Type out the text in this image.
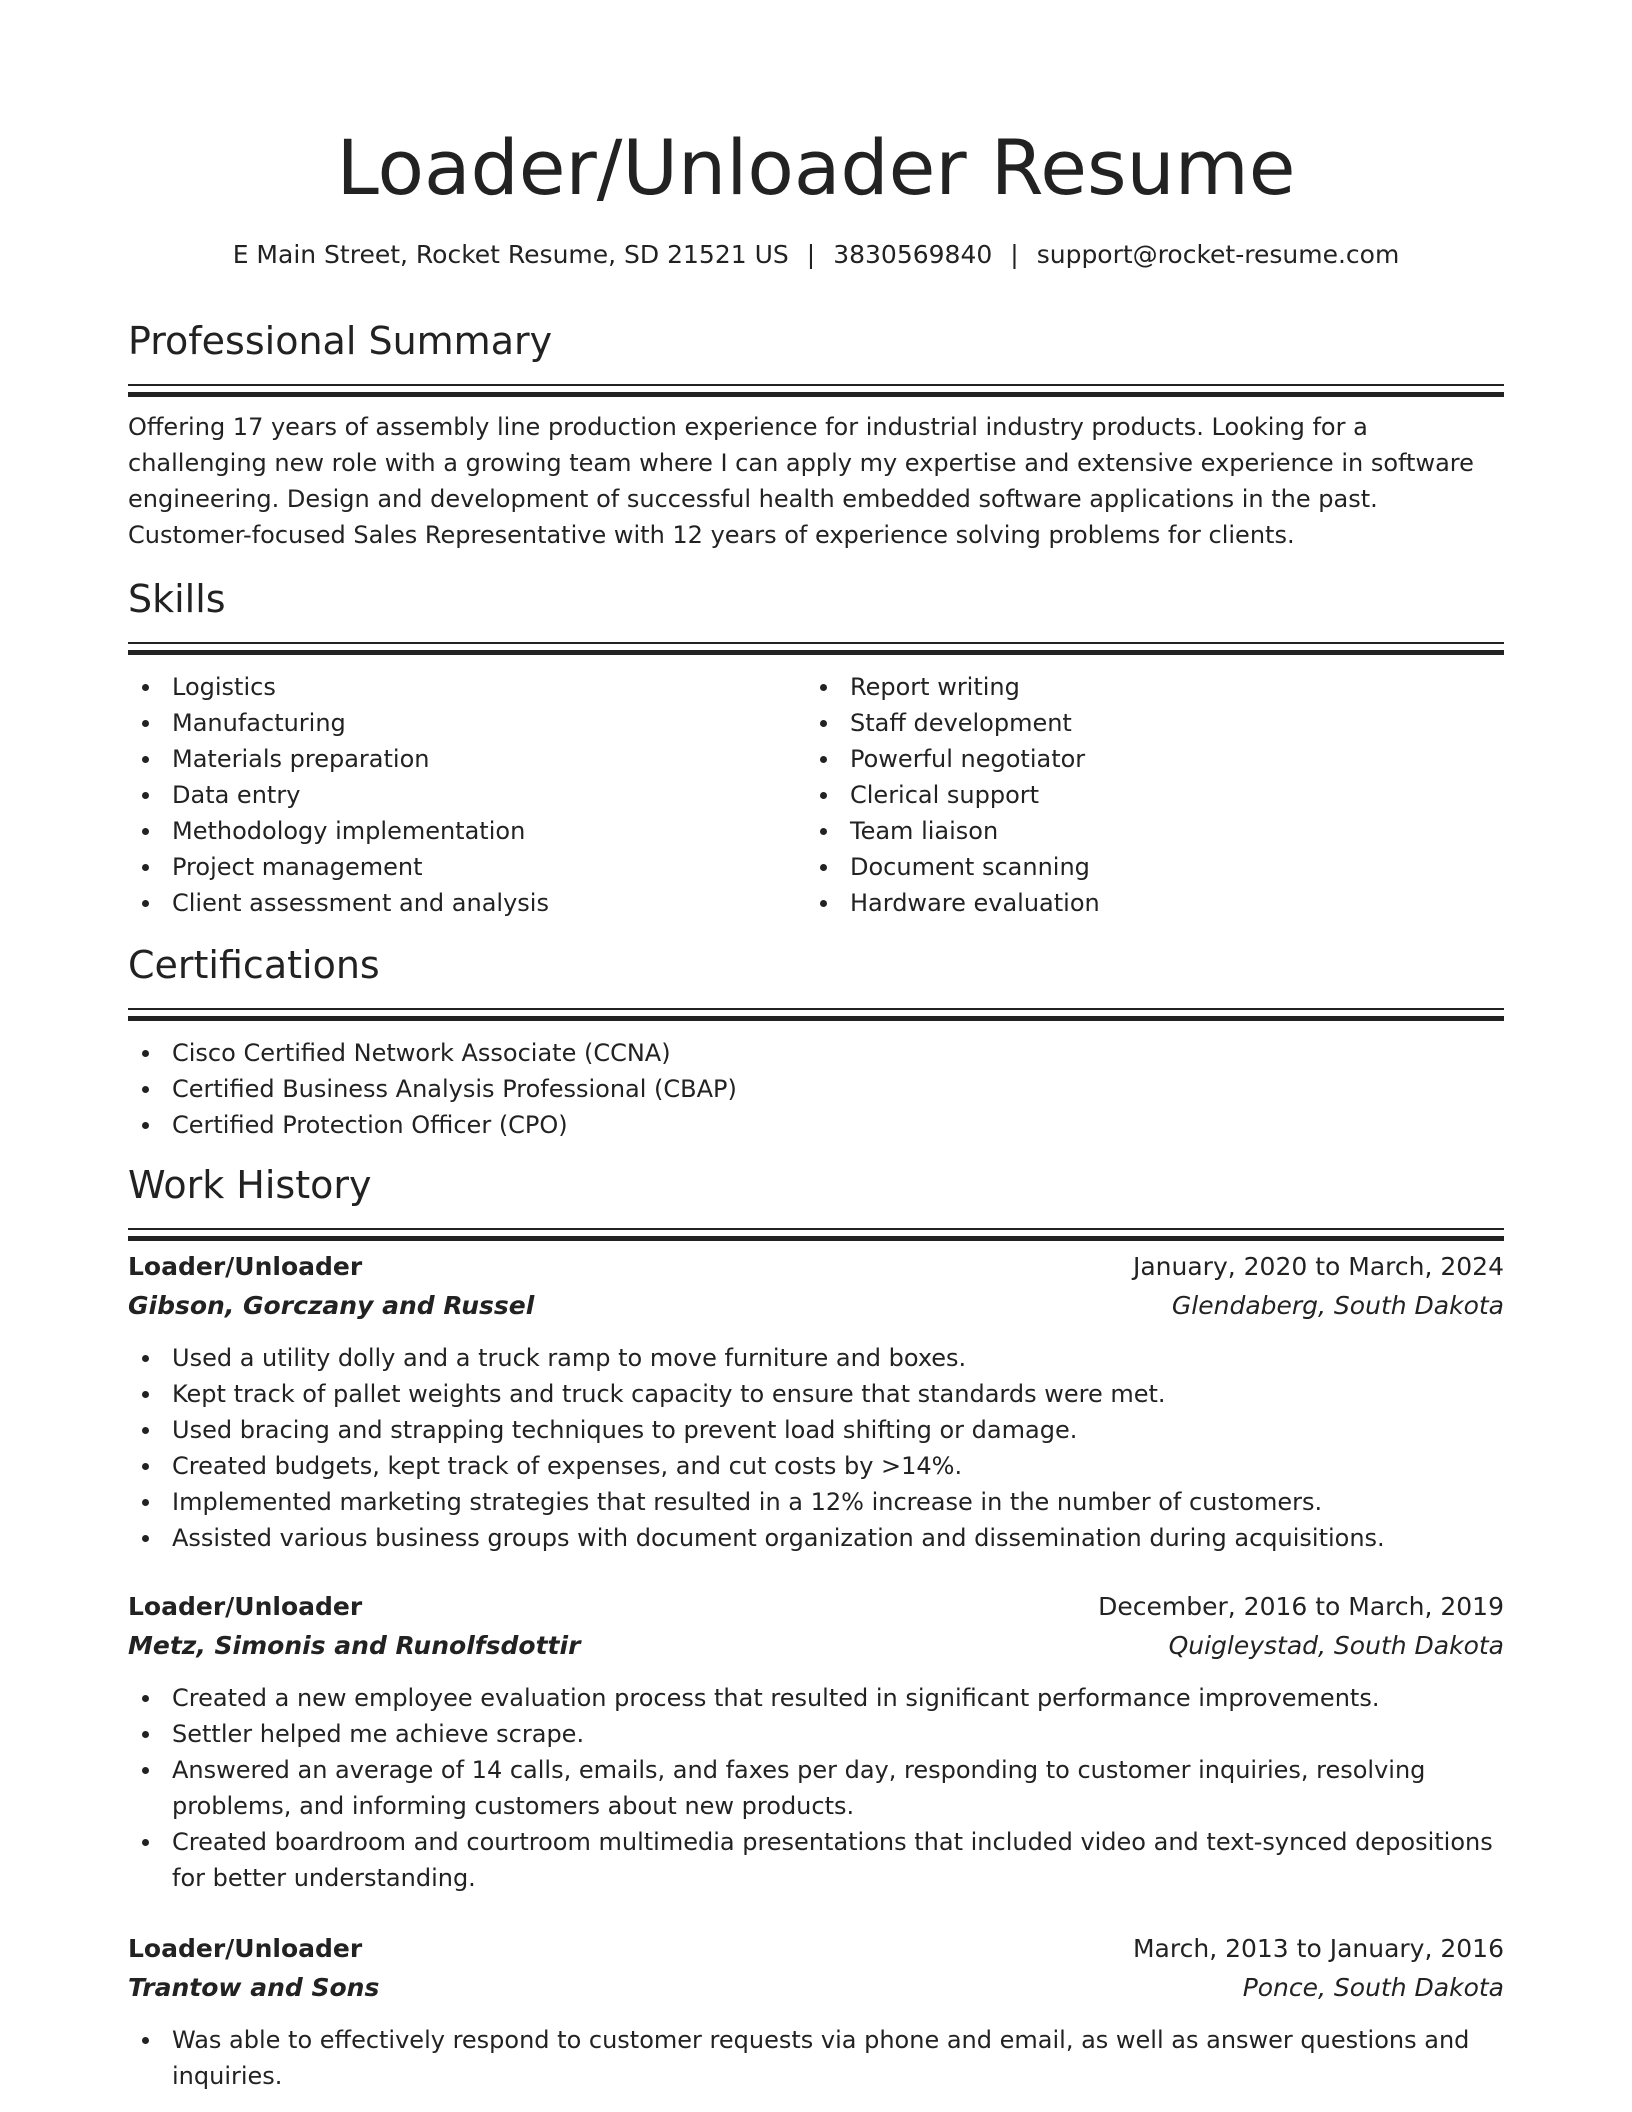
Loader/Unloader Resume
E Main Street, Rocket Resume, SD 21521 US | 3830569840 | support@rocket-resume.com
Professional Summary

Offering 17 years of assembly line production experience for industrial industry products. Looking for a challenging new role with a growing team where I can apply my expertise and extensive experience in software engineering. Design and development of successful health embedded software applications in the past. Customer-focused Sales Representative with 12 years of experience solving problems for clients.

Skills
Logistics
Manufacturing
Materials preparation
Data entry
Methodology implementation
Project management
Client assessment and analysis
Report writing
Staff development
Powerful negotiator
Clerical support
Team liaison
Document scanning
Hardware evaluation
Certifications
Cisco Certified Network Associate (CCNA)
Certified Business Analysis Professional (CBAP)
Certified Protection Officer (CPO)
Work History
Loader/Unloader	January, 2020 to March, 2024
Gibson, Gorczany and Russel	Glendaberg, South Dakota
Used a utility dolly and a truck ramp to move furniture and boxes.
Kept track of pallet weights and truck capacity to ensure that standards were met.
Used bracing and strapping techniques to prevent load shifting or damage.
Created budgets, kept track of expenses, and cut costs by >14%.
Implemented marketing strategies that resulted in a 12% increase in the number of customers.
Assisted various business groups with document organization and dissemination during acquisitions.
Loader/Unloader	December, 2016 to March, 2019
Metz, Simonis and Runolfsdottir	Quigleystad, South Dakota
Created a new employee evaluation process that resulted in significant performance improvements.
Settler helped me achieve scrape.
Answered an average of 14 calls, emails, and faxes per day, responding to customer inquiries, resolving problems, and informing customers about new products.
Created boardroom and courtroom multimedia presentations that included video and text-synced depositions for better understanding.
Loader/Unloader	March, 2013 to January, 2016
Trantow and Sons	Ponce, South Dakota
Was able to effectively respond to customer requests via phone and email, as well as answer questions and inquiries.
